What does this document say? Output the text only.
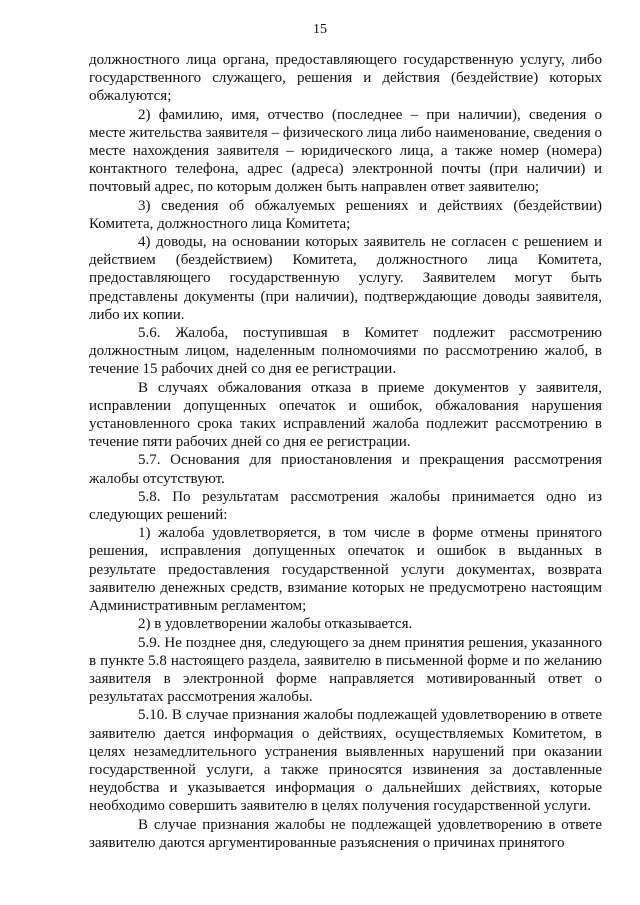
15

должностного лица органа, предоставляющего государственную услугу, либо государственного служащего, решения и действия (бездействие) которых обжалуются;

2) фамилию, имя, отчество (последнее – при наличии), сведения о месте жительства заявителя – физического лица либо наименование, сведения о месте нахождения заявителя – юридического лица, а также номер (номера) контактного телефона, адрес (адреса) электронной почты (при наличии) и почтовый адрес, по которым должен быть направлен ответ заявителю;

3) сведения об обжалуемых решениях и действиях (бездействии) Комитета, должностного лица Комитета;

4) доводы, на основании которых заявитель не согласен с решением и действием (бездействием) Комитета, должностного лица Комитета, предоставляющего государственную услугу. Заявителем могут быть представлены документы (при наличии), подтверждающие доводы заявителя, либо их копии.

5.6. Жалоба, поступившая в Комитет подлежит рассмотрению должностным лицом, наделенным полномочиями по рассмотрению жалоб, в течение 15 рабочих дней со дня ее регистрации.

В случаях обжалования отказа в приеме документов у заявителя, исправлении допущенных опечаток и ошибок, обжалования нарушения установленного срока таких исправлений жалоба подлежит рассмотрению в течение пяти рабочих дней со дня ее регистрации.

5.7. Основания для приостановления и прекращения рассмотрения жалобы отсутствуют.

5.8. По результатам рассмотрения жалобы принимается одно из следующих решений:

1) жалоба удовлетворяется, в том числе в форме отмены принятого решения, исправления допущенных опечаток и ошибок в выданных в результате предоставления государственной услуги документах, возврата заявителю денежных средств, взимание которых не предусмотрено настоящим Административным регламентом;

2) в удовлетворении жалобы отказывается.

5.9. Не позднее дня, следующего за днем принятия решения, указанного в пункте 5.8 настоящего раздела, заявителю в письменной форме и по желанию заявителя в электронной форме направляется мотивированный ответ о результатах рассмотрения жалобы.

5.10. В случае признания жалобы подлежащей удовлетворению в ответе заявителю дается информация о действиях, осуществляемых Комитетом, в целях незамедлительного устранения выявленных нарушений при оказании государственной услуги, а также приносятся извинения за доставленные неудобства и указывается информация о дальнейших действиях, которые необходимо совершить заявителю в целях получения государственной услуги.

В случае признания жалобы не подлежащей удовлетворению в ответе заявителю даются аргументированные разъяснения о причинах принятого
